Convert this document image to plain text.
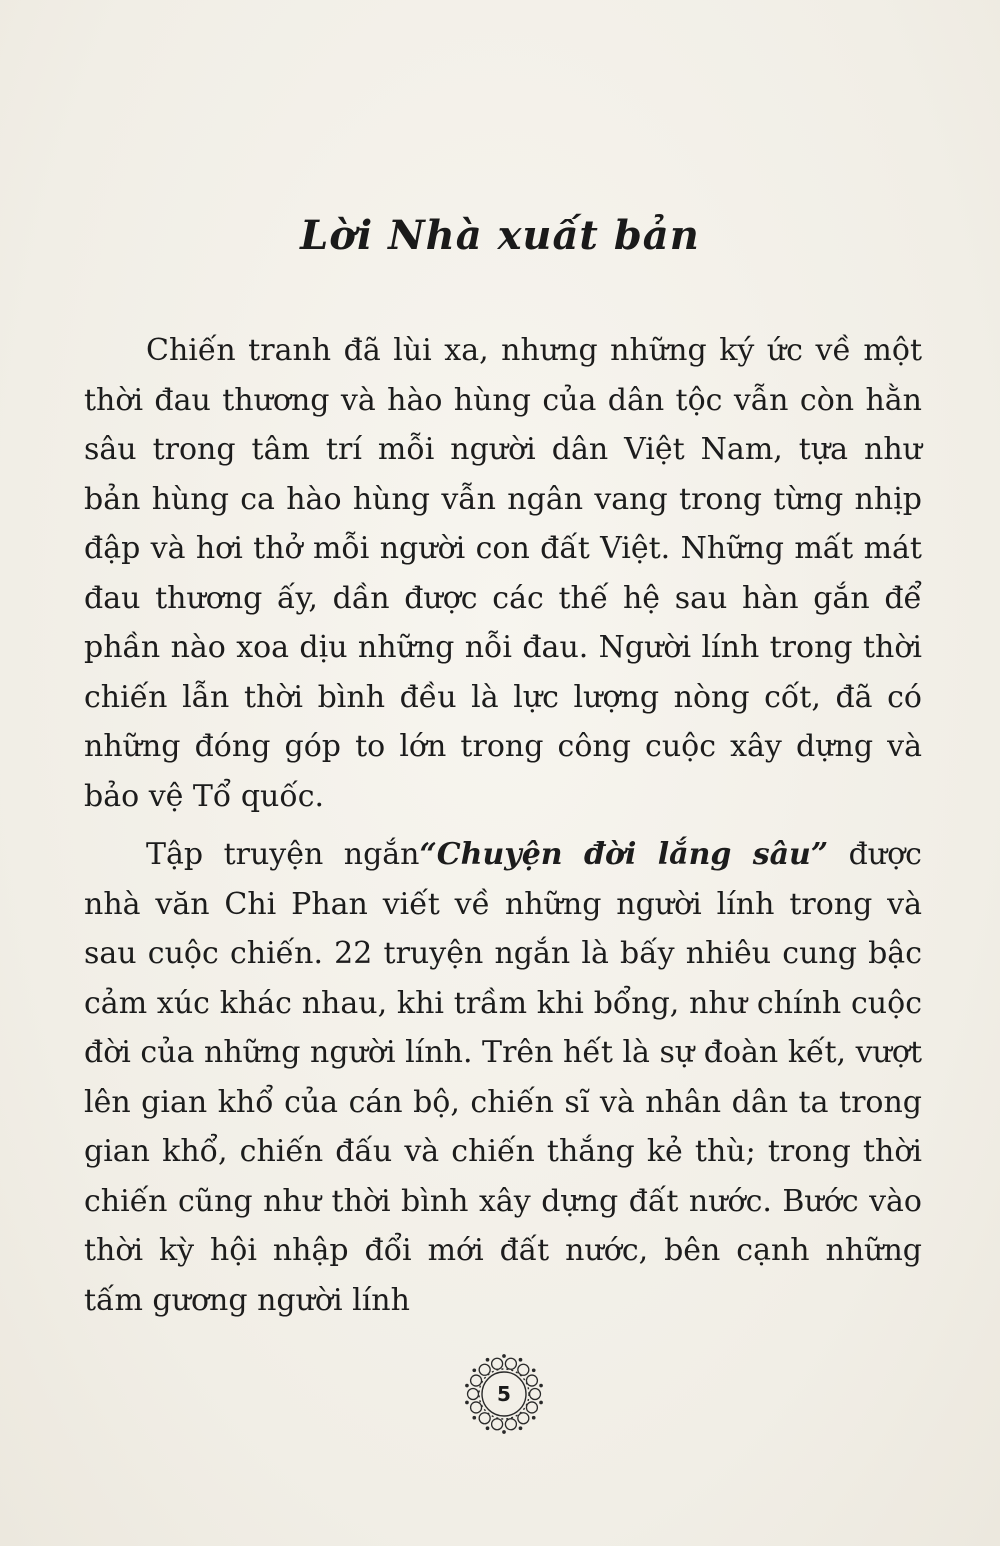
Lời Nhà xuất bản

Chiến tranh đã lùi xa, nhưng những ký ức về một thời đau thương và hào hùng của dân tộc vẫn còn hằn sâu trong tâm trí mỗi người dân Việt Nam, tựa như bản hùng ca hào hùng vẫn ngân vang trong từng nhịp đập và hơi thở mỗi người con đất Việt. Những mất mát đau thương ấy, dần được các thế hệ sau hàn gắn để phần nào xoa dịu những nỗi đau. Người lính trong thời chiến lẫn thời bình đều là lực lượng nòng cốt, đã có những đóng góp to lớn trong công cuộc xây dựng và bảo vệ Tổ quốc.

Tập truyện ngắn“Chuyện đời lắng sâu” được nhà văn Chi Phan viết về những người lính trong và sau cuộc chiến. 22 truyện ngắn là bấy nhiêu cung bậc cảm xúc khác nhau, khi trầm khi bổng, như chính cuộc đời của những người lính. Trên hết là sự đoàn kết, vượt lên gian khổ của cán bộ, chiến sĩ và nhân dân ta trong gian khổ, chiến đấu và chiến thắng kẻ thù; trong thời chiến cũng như thời bình xây dựng đất nước. Bước vào thời kỳ hội nhập đổi mới đất nước, bên cạnh những tấm gương người lính

5
